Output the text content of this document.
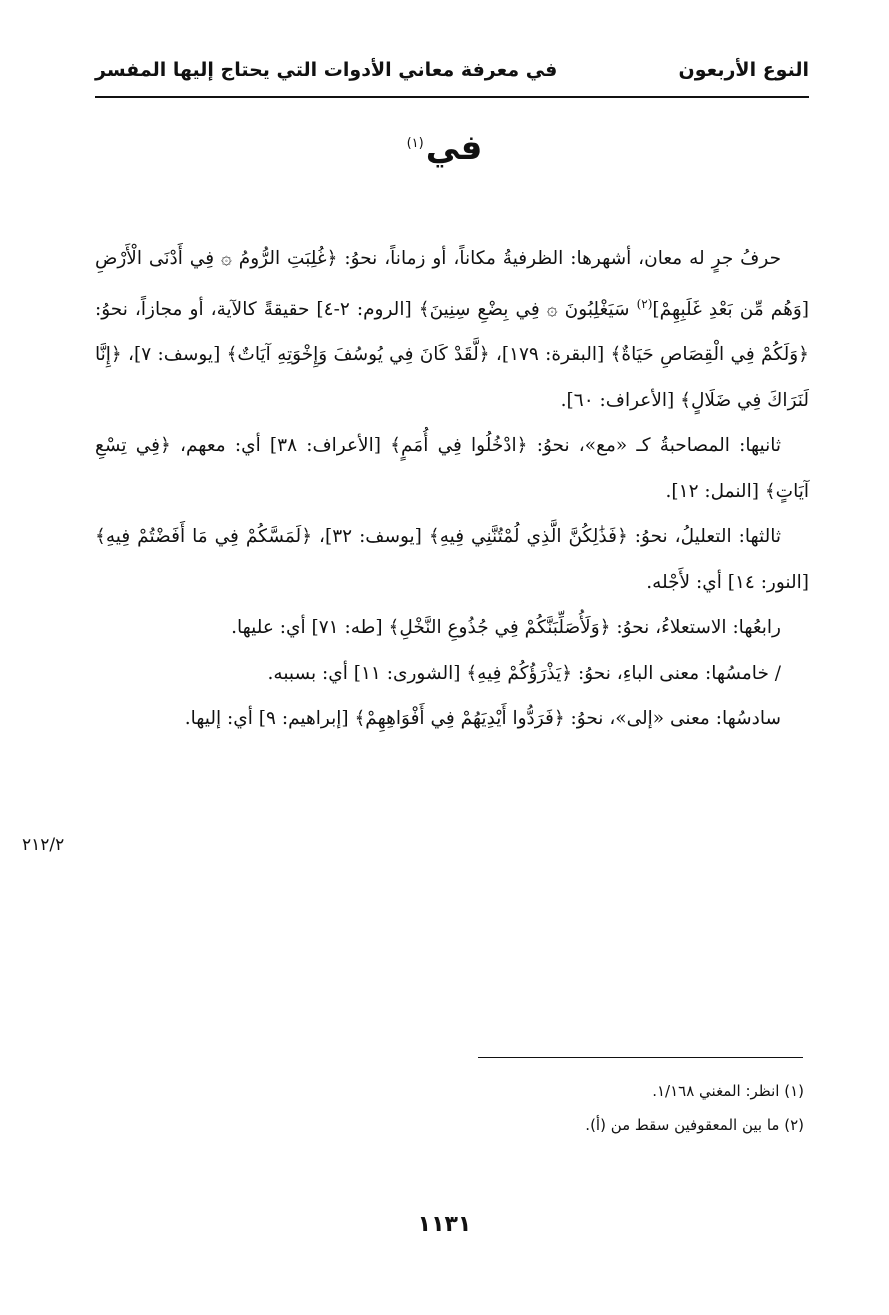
النوع الأربعون
في معرفة معاني الأدوات التي يحتاج إليها المفسر
في$^{(١)}$

حرفُ جرٍ له معان، أشهرها: الظرفيةُ مكاناً، أو زماناً، نحوُ: ﴿غُلِبَتِ الرُّومُ ۞ فِي أَدْنَى الْأَرْضِ [وَهُم مِّن بَعْدِ غَلَبِهِمْ]$^{(٢)}$ سَيَغْلِبُونَ ۞ فِي بِضْعِ سِنِينَ﴾ [الروم: ٢-٤] حقيقةً كالآية، أو مجازاً، نحوُ: ﴿وَلَكُمْ فِي الْقِصَاصِ حَيَاةٌ﴾ [البقرة: ١٧٩]، ﴿لَّقَدْ كَانَ فِي يُوسُفَ وَإِخْوَتِهِ آيَاتٌ﴾ [يوسف: ٧]، ﴿إِنَّا لَنَرَاكَ فِي ضَلَالٍ﴾ [الأعراف: ٦٠].

ثانيها: المصاحبةُ كـ «مع»، نحوُ: ﴿ادْخُلُوا فِي أُمَمٍ﴾ [الأعراف: ٣٨] أي: معهم، ﴿فِي تِسْعِ آيَاتٍ﴾ [النمل: ١٢].

ثالثها: التعليلُ، نحوُ: ﴿فَذَٰلِكُنَّ الَّذِي لُمْتُنَّنِي فِيهِ﴾ [يوسف: ٣٢]، ﴿لَمَسَّكُمْ فِي مَا أَفَضْتُمْ فِيهِ﴾ [النور: ١٤] أي: لأَجْله.

رابعُها: الاستعلاءُ، نحوُ: ﴿وَلَأُصَلِّبَنَّكُمْ فِي جُذُوعِ النَّخْلِ﴾ [طه: ٧١] أي: عليها.

/ خامسُها: معنى الباءِ، نحوُ: ﴿يَذْرَؤُكُمْ فِيهِ﴾ [الشورى: ١١] أي: بسببه.

سادسُها: معنى «إلى»، نحوُ: ﴿فَرَدُّوا أَيْدِيَهُمْ فِي أَفْوَاهِهِمْ﴾ [إبراهيم: ٩] أي: إليها.

٢١٢/٢
(١) انظر: المغني ١/١٦٨.
(٢) ما بين المعقوفين سقط من (أ).
١١٣١
